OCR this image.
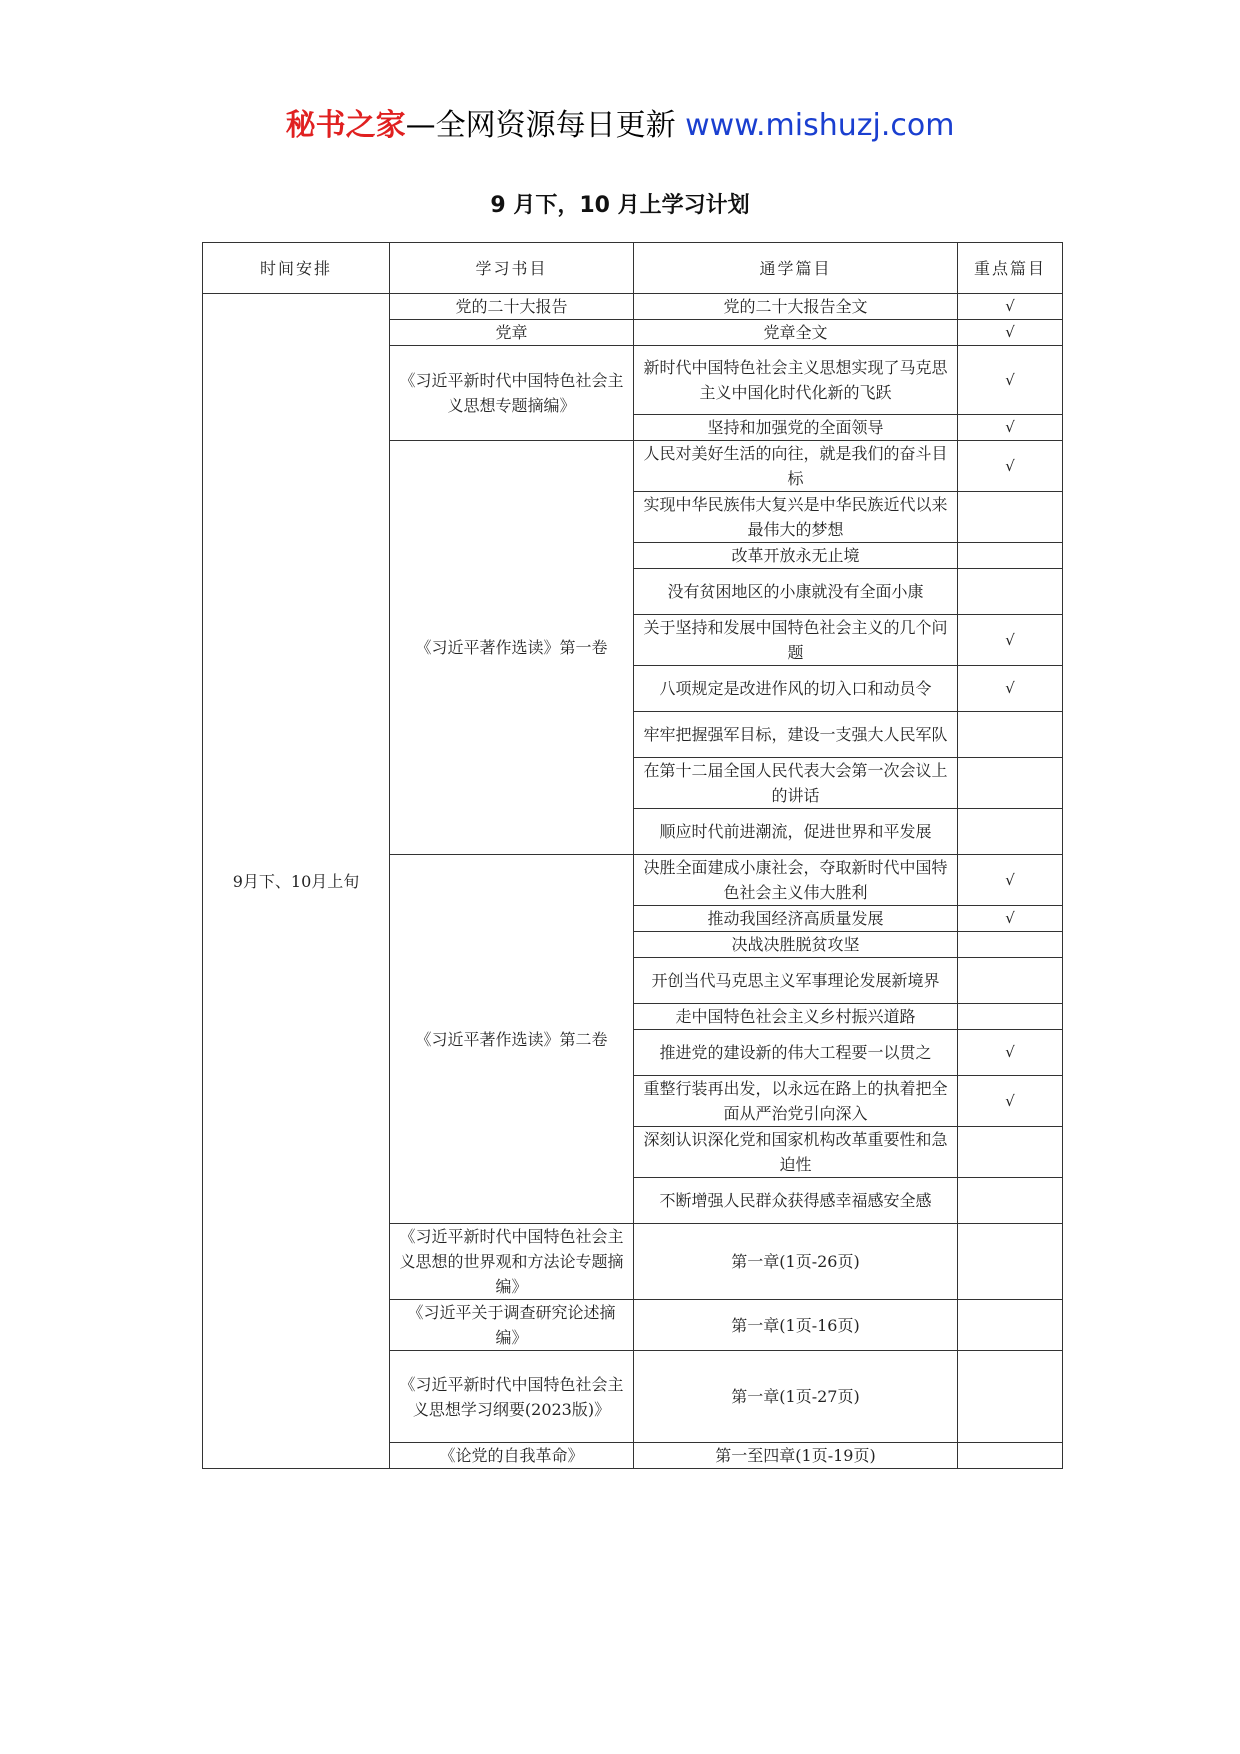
秘书之家—全网资源每日更新 www.mishuzj.com
9 月下，10 月上学习计划
时间安排	学习书目	通学篇目	重点篇目
9月下、10月上旬	党的二十大报告	党的二十大报告全文	√
	党章	党章全文	√
	《习近平新时代中国特色社会主义思想专题摘编》	新时代中国特色社会主义思想实现了马克思主义中国化时代化新的飞跃	√
		坚持和加强党的全面领导	√
	《习近平著作选读》第一卷	人民对美好生活的向往，就是我们的奋斗目标	√
		实现中华民族伟大复兴是中华民族近代以来最伟大的梦想	
		改革开放永无止境	
		没有贫困地区的小康就没有全面小康	
		关于坚持和发展中国特色社会主义的几个问题	√
		八项规定是改进作风的切入口和动员令	√
		牢牢把握强军目标，建设一支强大人民军队	
		在第十二届全国人民代表大会第一次会议上的讲话	
		顺应时代前进潮流，促进世界和平发展	
	《习近平著作选读》第二卷	决胜全面建成小康社会，夺取新时代中国特色社会主义伟大胜利	√
		推动我国经济高质量发展	√
		决战决胜脱贫攻坚	
		开创当代马克思主义军事理论发展新境界	
		走中国特色社会主义乡村振兴道路	
		推进党的建设新的伟大工程要一以贯之	√
		重整行装再出发，以永远在路上的执着把全面从严治党引向深入	√
		深刻认识深化党和国家机构改革重要性和急迫性	
		不断增强人民群众获得感幸福感安全感	
	《习近平新时代中国特色社会主义思想的世界观和方法论专题摘编》	第一章(1页-26页)	
	《习近平关于调查研究论述摘编》	第一章(1页-16页)	
	《习近平新时代中国特色社会主义思想学习纲要(2023版)》	第一章(1页-27页)	
	《论党的自我革命》	第一至四章(1页-19页)	
